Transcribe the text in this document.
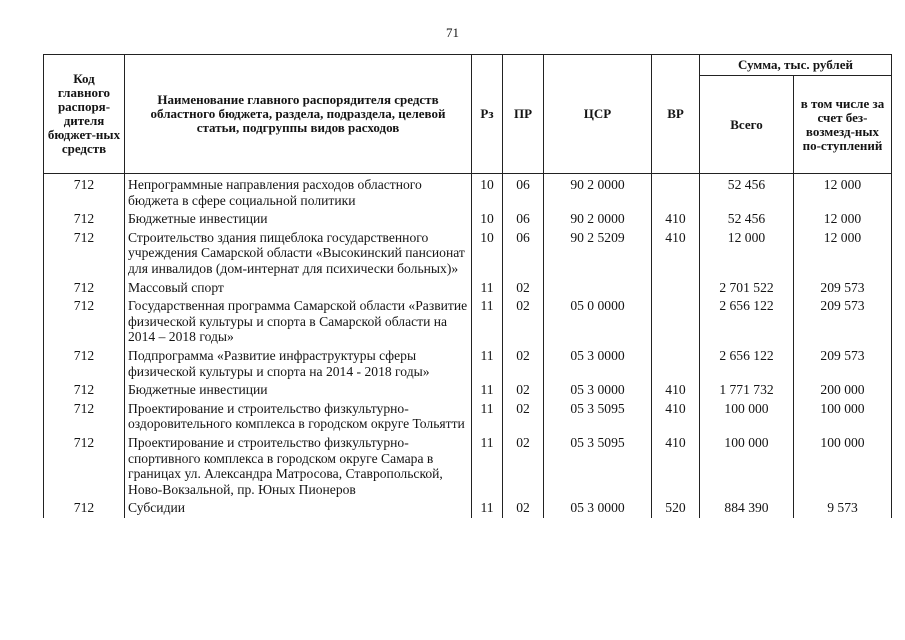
71
Код главного распоря-дителя бюджет-ных средств	Наименование главного распорядителя средств областного бюджета, раздела, подраздела, целевой статьи, подгруппы видов расходов	Рз	ПР	ЦСР	ВР	Сумма, тыс. рублей	
						Всего	в том числе за счет без-возмезд-ных по-ступлений
712	Непрограммные направления расходов областного бюджета в сфере социальной политики	10	06	90 2 0000		52 456	12 000
712	Бюджетные инвестиции	10	06	90 2 0000	410	52 456	12 000
712	Строительство здания пищеблока государственного учреждения Самарской области «Высокинский пансионат для инвалидов (дом-интернат для психически больных)»	10	06	90 2 5209	410	12 000	12 000
712	Массовый спорт	11	02			2 701 522	209 573
712	Государственная программа Самарской области «Развитие физической культуры и спорта в Самарской области на 2014 – 2018 годы»	11	02	05 0 0000		2 656 122	209 573
712	Подпрограмма «Развитие инфраструктуры сферы физической культуры и спорта на 2014 - 2018 годы»	11	02	05 3 0000		2 656 122	209 573
712	Бюджетные инвестиции	11	02	05 3 0000	410	1 771 732	200 000
712	Проектирование и строительство физкультурно-оздоровительного комплекса в городском округе Тольятти	11	02	05 3 5095	410	100 000	100 000
712	Проектирование и строительство физкультурно-спортивного комплекса в городском округе Самара в границах ул. Александра Матросова, Ставропольской, Ново-Вокзальной, пр. Юных Пионеров	11	02	05 3 5095	410	100 000	100 000
712	Субсидии	11	02	05 3 0000	520	884 390	9 573
